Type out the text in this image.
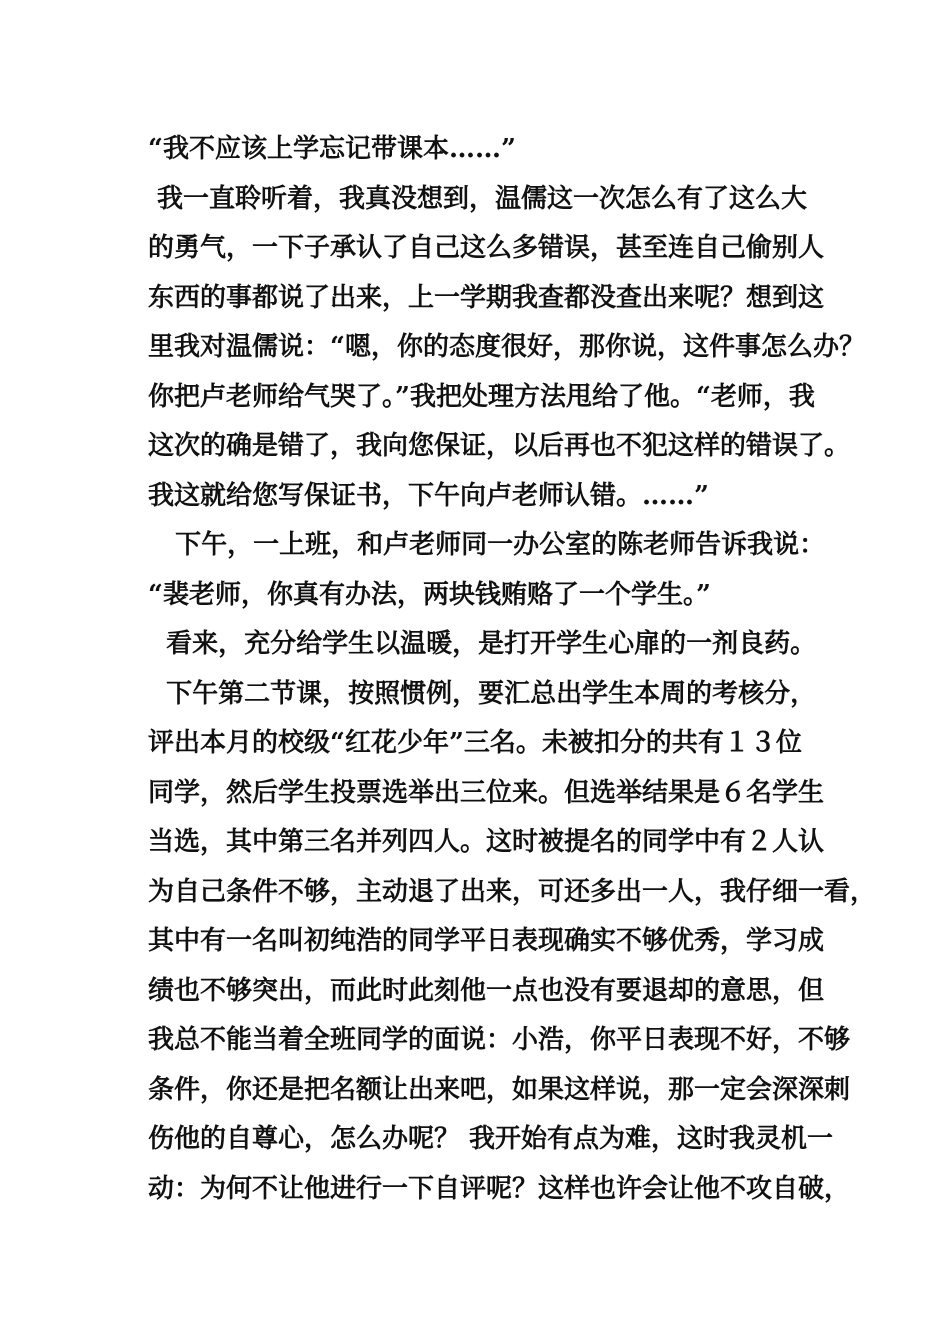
“我不应该上学忘记带课本……”
我一直聆听着，我真没想到，温儒这一次怎么有了这么大
的勇气，一下子承认了自己这么多错误，甚至连自己偷别人
东西的事都说了出来，上一学期我查都没查出来呢？想到这
里我对温儒说：“嗯，你的态度很好，那你说，这件事怎么办？
你把卢老师给气哭了。”我把处理方法甩给了他。“老师，我
这次的确是错了，我向您保证，以后再也不犯这样的错误了。
我这就给您写保证书，下午向卢老师认错。……”
下午，一上班，和卢老师同一办公室的陈老师告诉我说：
“裴老师，你真有办法，两块钱贿赂了一个学生。”
看来，充分给学生以温暖，是打开学生心扉的一剂良药。
下午第二节课，按照惯例，要汇总出学生本周的考核分，
评出本月的校级“红花少年”三名。未被扣分的共有１３位
同学，然后学生投票选举出三位来。但选举结果是６名学生
当选，其中第三名并列四人。这时被提名的同学中有２人认
为自己条件不够，主动退了出来，可还多出一人，我仔细一看，
其中有一名叫初纯浩的同学平日表现确实不够优秀，学习成
绩也不够突出，而此时此刻他一点也没有要退却的意思，但
我总不能当着全班同学的面说：小浩，你平日表现不好，不够
条件，你还是把名额让出来吧，如果这样说，那一定会深深刺
伤他的自尊心，怎么办呢？ 我开始有点为难，这时我灵机一
动：为何不让他进行一下自评呢？这样也许会让他不攻自破，
